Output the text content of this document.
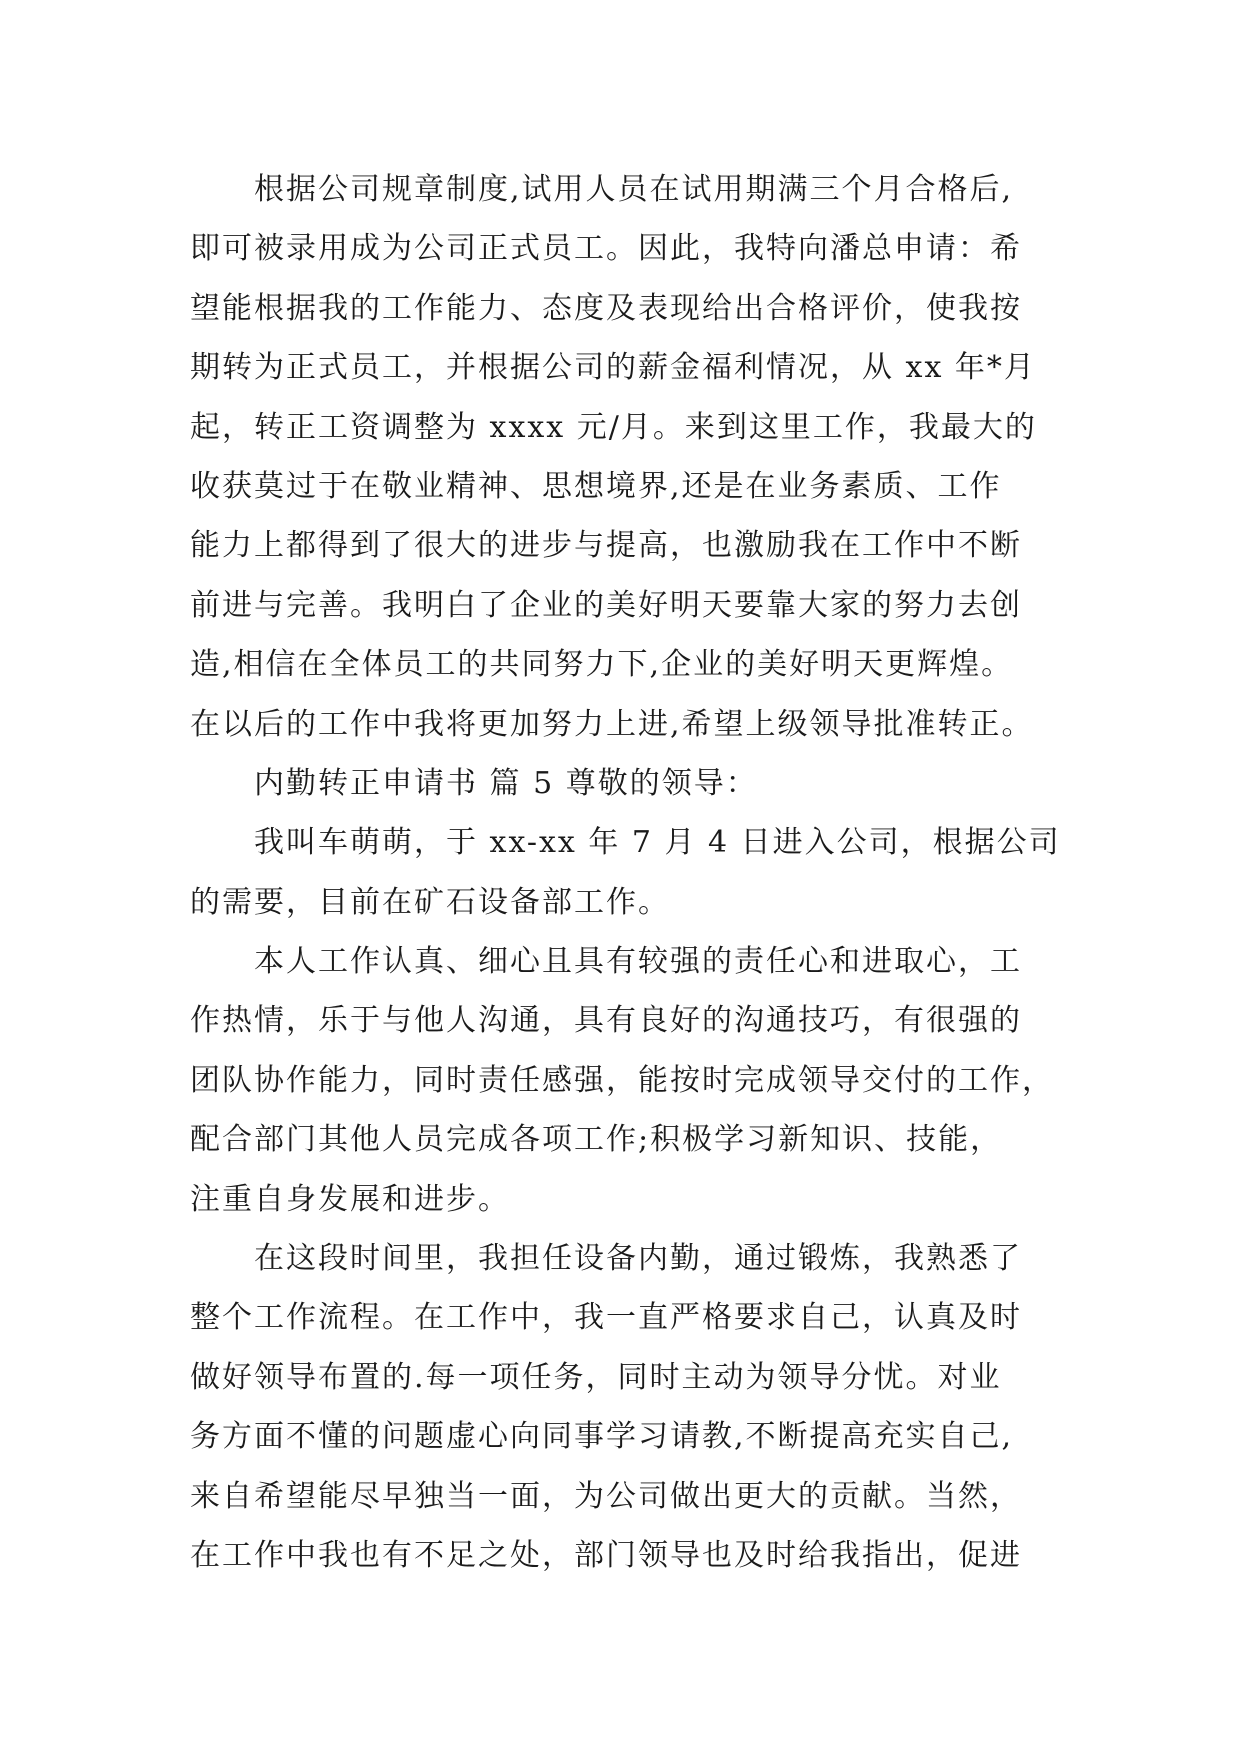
根据公司规章制度,试用人员在试用期满三个月合格后,
即可被录用成为公司正式员工。因此，我特向潘总申请：希
望能根据我的工作能力、态度及表现给出合格评价，使我按
期转为正式员工，并根据公司的薪金福利情况，从 xx 年*月
起，转正工资调整为 xxxx 元/月。来到这里工作，我最大的
收获莫过于在敬业精神、思想境界,还是在业务素质、工作
能力上都得到了很大的进步与提高，也激励我在工作中不断
前进与完善。我明白了企业的美好明天要靠大家的努力去创
造,相信在全体员工的共同努力下,企业的美好明天更辉煌。
在以后的工作中我将更加努力上进,希望上级领导批准转正。
内勤转正申请书 篇 5 尊敬的领导：
我叫车萌萌，于 xx-xx 年 7 月 4 日进入公司，根据公司
的需要，目前在矿石设备部工作。
本人工作认真、细心且具有较强的责任心和进取心，工
作热情，乐于与他人沟通，具有良好的沟通技巧，有很强的
团队协作能力，同时责任感强，能按时完成领导交付的工作，
配合部门其他人员完成各项工作;积极学习新知识、技能，
注重自身发展和进步。
在这段时间里，我担任设备内勤，通过锻炼，我熟悉了
整个工作流程。在工作中，我一直严格要求自己，认真及时
做好领导布置的.每一项任务，同时主动为领导分忧。对业
务方面不懂的问题虚心向同事学习请教,不断提高充实自己,
来自希望能尽早独当一面，为公司做出更大的贡献。当然，
在工作中我也有不足之处，部门领导也及时给我指出，促进
